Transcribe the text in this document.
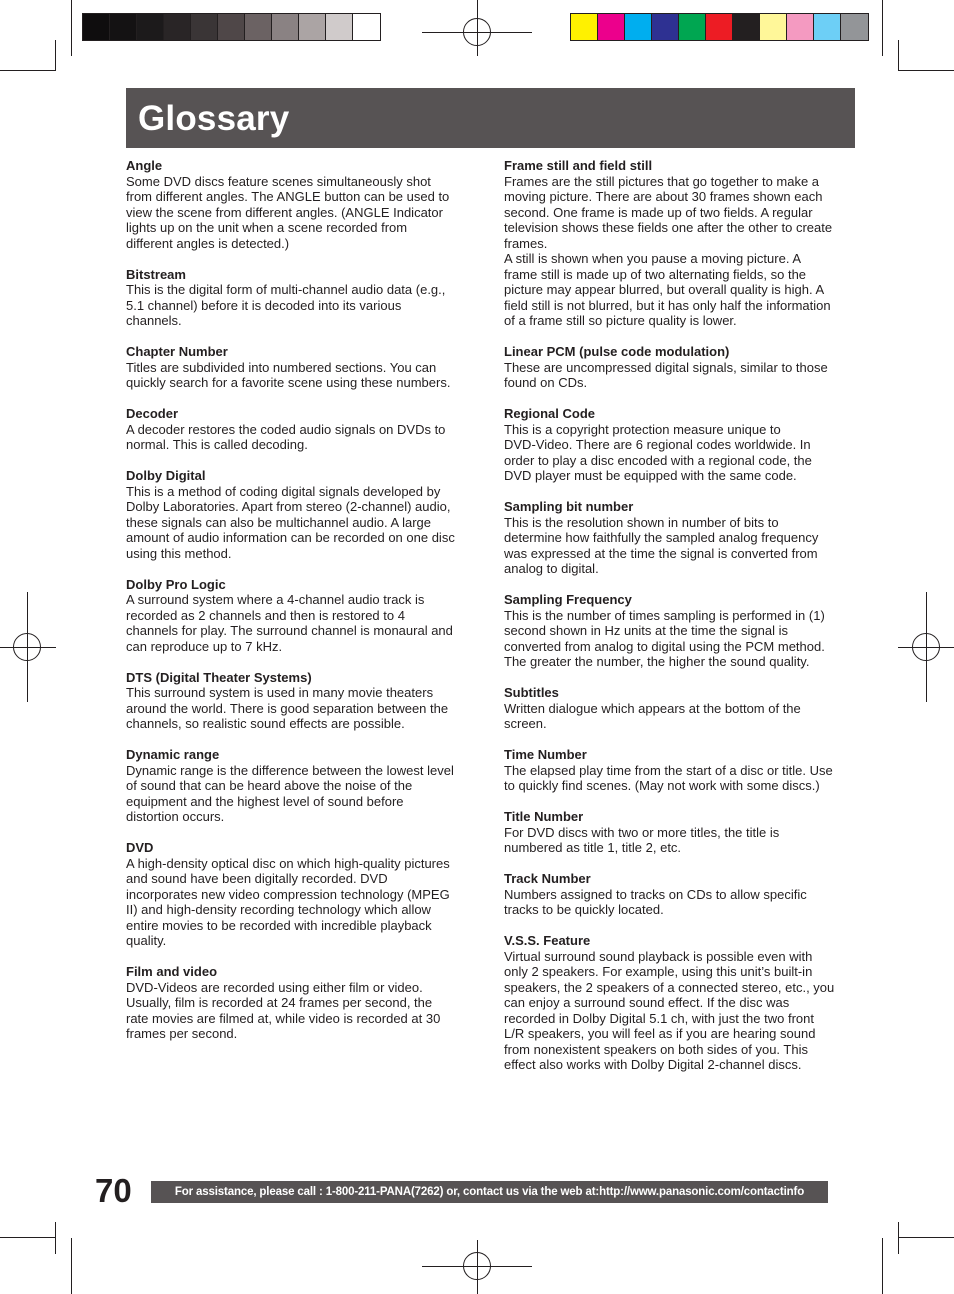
Glossary
Angle
Some DVD discs feature scenes simultaneously shot
from different angles. The ANGLE button can be used to
view the scene from different angles. (ANGLE Indicator
lights up on the unit when a scene recorded from
different angles is detected.)
Bitstream
This is the digital form of multi-channel audio data (e.g.,
5.1 channel) before it is decoded into its various
channels.
Chapter Number
Titles are subdivided into numbered sections. You can
quickly search for a favorite scene using these numbers.
Decoder
A decoder restores the coded audio signals on DVDs to
normal. This is called decoding.
Dolby Digital
This is a method of coding digital signals developed by
Dolby Laboratories. Apart from stereo (2-channel) audio,
these signals can also be multichannel audio. A large
amount of audio information can be recorded on one disc
using this method.
Dolby Pro Logic
A surround system where a 4-channel audio track is
recorded as 2 channels and then is restored to 4
channels for play. The surround channel is monaural and
can reproduce up to 7 kHz.
DTS (Digital Theater Systems)
This surround system is used in many movie theaters
around the world. There is good separation between the
channels, so realistic sound effects are possible.
Dynamic range
Dynamic range is the difference between the lowest level
of sound that can be heard above the noise of the
equipment and the highest level of sound before
distortion occurs.
DVD
A high-density optical disc on which high-quality pictures
and sound have been digitally recorded. DVD
incorporates new video compression technology (MPEG
II) and high-density recording technology which allow
entire movies to be recorded with incredible playback
quality.
Film and video
DVD-Videos are recorded using either film or video.
Usually, film is recorded at 24 frames per second, the
rate movies are filmed at, while video is recorded at 30
frames per second.
Frame still and field still
Frames are the still pictures that go together to make a
moving picture. There are about 30 frames shown each
second. One frame is made up of two fields. A regular
television shows these fields one after the other to create
frames.
A still is shown when you pause a moving picture. A
frame still is made up of two alternating fields, so the
picture may appear blurred, but overall quality is high. A
field still is not blurred, but it has only half the information
of a frame still so picture quality is lower.
Linear PCM (pulse code modulation)
These are uncompressed digital signals, similar to those
found on CDs.
Regional Code
This is a copyright protection measure unique to
DVD-Video. There are 6 regional codes worldwide. In
order to play a disc encoded with a regional code, the
DVD player must be equipped with the same code.
Sampling bit number
This is the resolution shown in number of bits to
determine how faithfully the sampled analog frequency
was expressed at the time the signal is converted from
analog to digital.
Sampling Frequency
This is the number of times sampling is performed in (1)
second shown in Hz units at the time the signal is
converted from analog to digital using the PCM method.
The greater the number, the higher the sound quality.
Subtitles
Written dialogue which appears at the bottom of the
screen.
Time Number
The elapsed play time from the start of a disc or title. Use
to quickly find scenes. (May not work with some discs.)
Title Number
For DVD discs with two or more titles, the title is
numbered as title 1, title 2, etc.
Track Number
Numbers assigned to tracks on CDs to allow specific
tracks to be quickly located.
V.S.S. Feature
Virtual surround sound playback is possible even with
only 2 speakers. For example, using this unit’s built-in
speakers, the 2 speakers of a connected stereo, etc., you
can enjoy a surround sound effect. If the disc was
recorded in Dolby Digital 5.1 ch, with just the two front
L/R speakers, you will feel as if you are hearing sound
from nonexistent speakers on both sides of you. This
effect also works with Dolby Digital 2-channel discs.
70	For assistance, please call : 1-800-211-PANA(7262) or, contact us via the web at:http://www.panasonic.com/contactinfo
